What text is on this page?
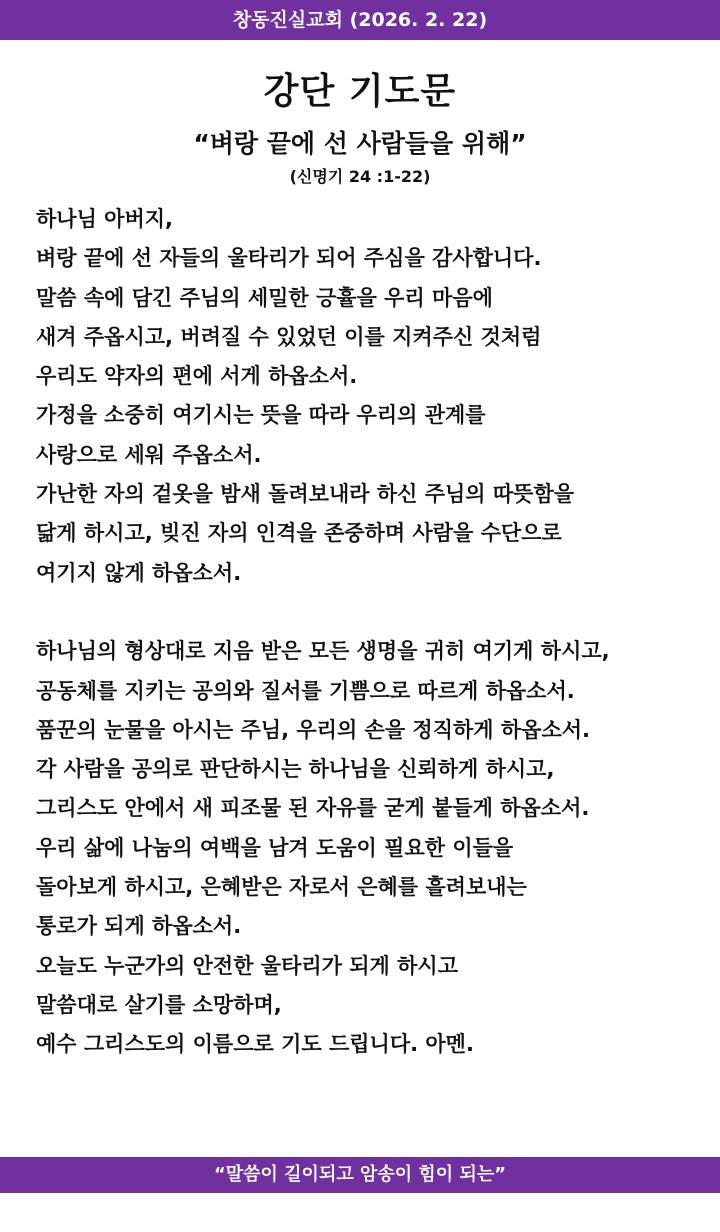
창동진실교회 (2026. 2. 22)
강단 기도문
“벼랑 끝에 선 사람들을 위해”
(신명기 24 :1-22)
하나님 아버지,
벼랑 끝에 선 자들의 울타리가 되어 주심을 감사합니다.
말씀 속에 담긴 주님의 세밀한 긍휼을 우리 마음에
새겨 주옵시고, 버려질 수 있었던 이를 지켜주신 것처럼
우리도 약자의 편에 서게 하옵소서.
가정을 소중히 여기시는 뜻을 따라 우리의 관계를
사랑으로 세워 주옵소서.
가난한 자의 겉옷을 밤새 돌려보내라 하신 주님의 따뜻함을
닮게 하시고, 빚진 자의 인격을 존중하며 사람을 수단으로
여기지 않게 하옵소서.
하나님의 형상대로 지음 받은 모든 생명을 귀히 여기게 하시고,
공동체를 지키는 공의와 질서를 기쁨으로 따르게 하옵소서.
품꾼의 눈물을 아시는 주님, 우리의 손을 정직하게 하옵소서.
각 사람을 공의로 판단하시는 하나님을 신뢰하게 하시고,
그리스도 안에서 새 피조물 된 자유를 굳게 붙들게 하옵소서.
우리 삶에 나눔의 여백을 남겨 도움이 필요한 이들을
돌아보게 하시고, 은혜받은 자로서 은혜를 흘려보내는
통로가 되게 하옵소서.
오늘도 누군가의 안전한 울타리가 되게 하시고
말씀대로 살기를 소망하며,
예수 그리스도의 이름으로 기도 드립니다. 아멘.
“말씀이 길이되고 암송이 힘이 되는”
